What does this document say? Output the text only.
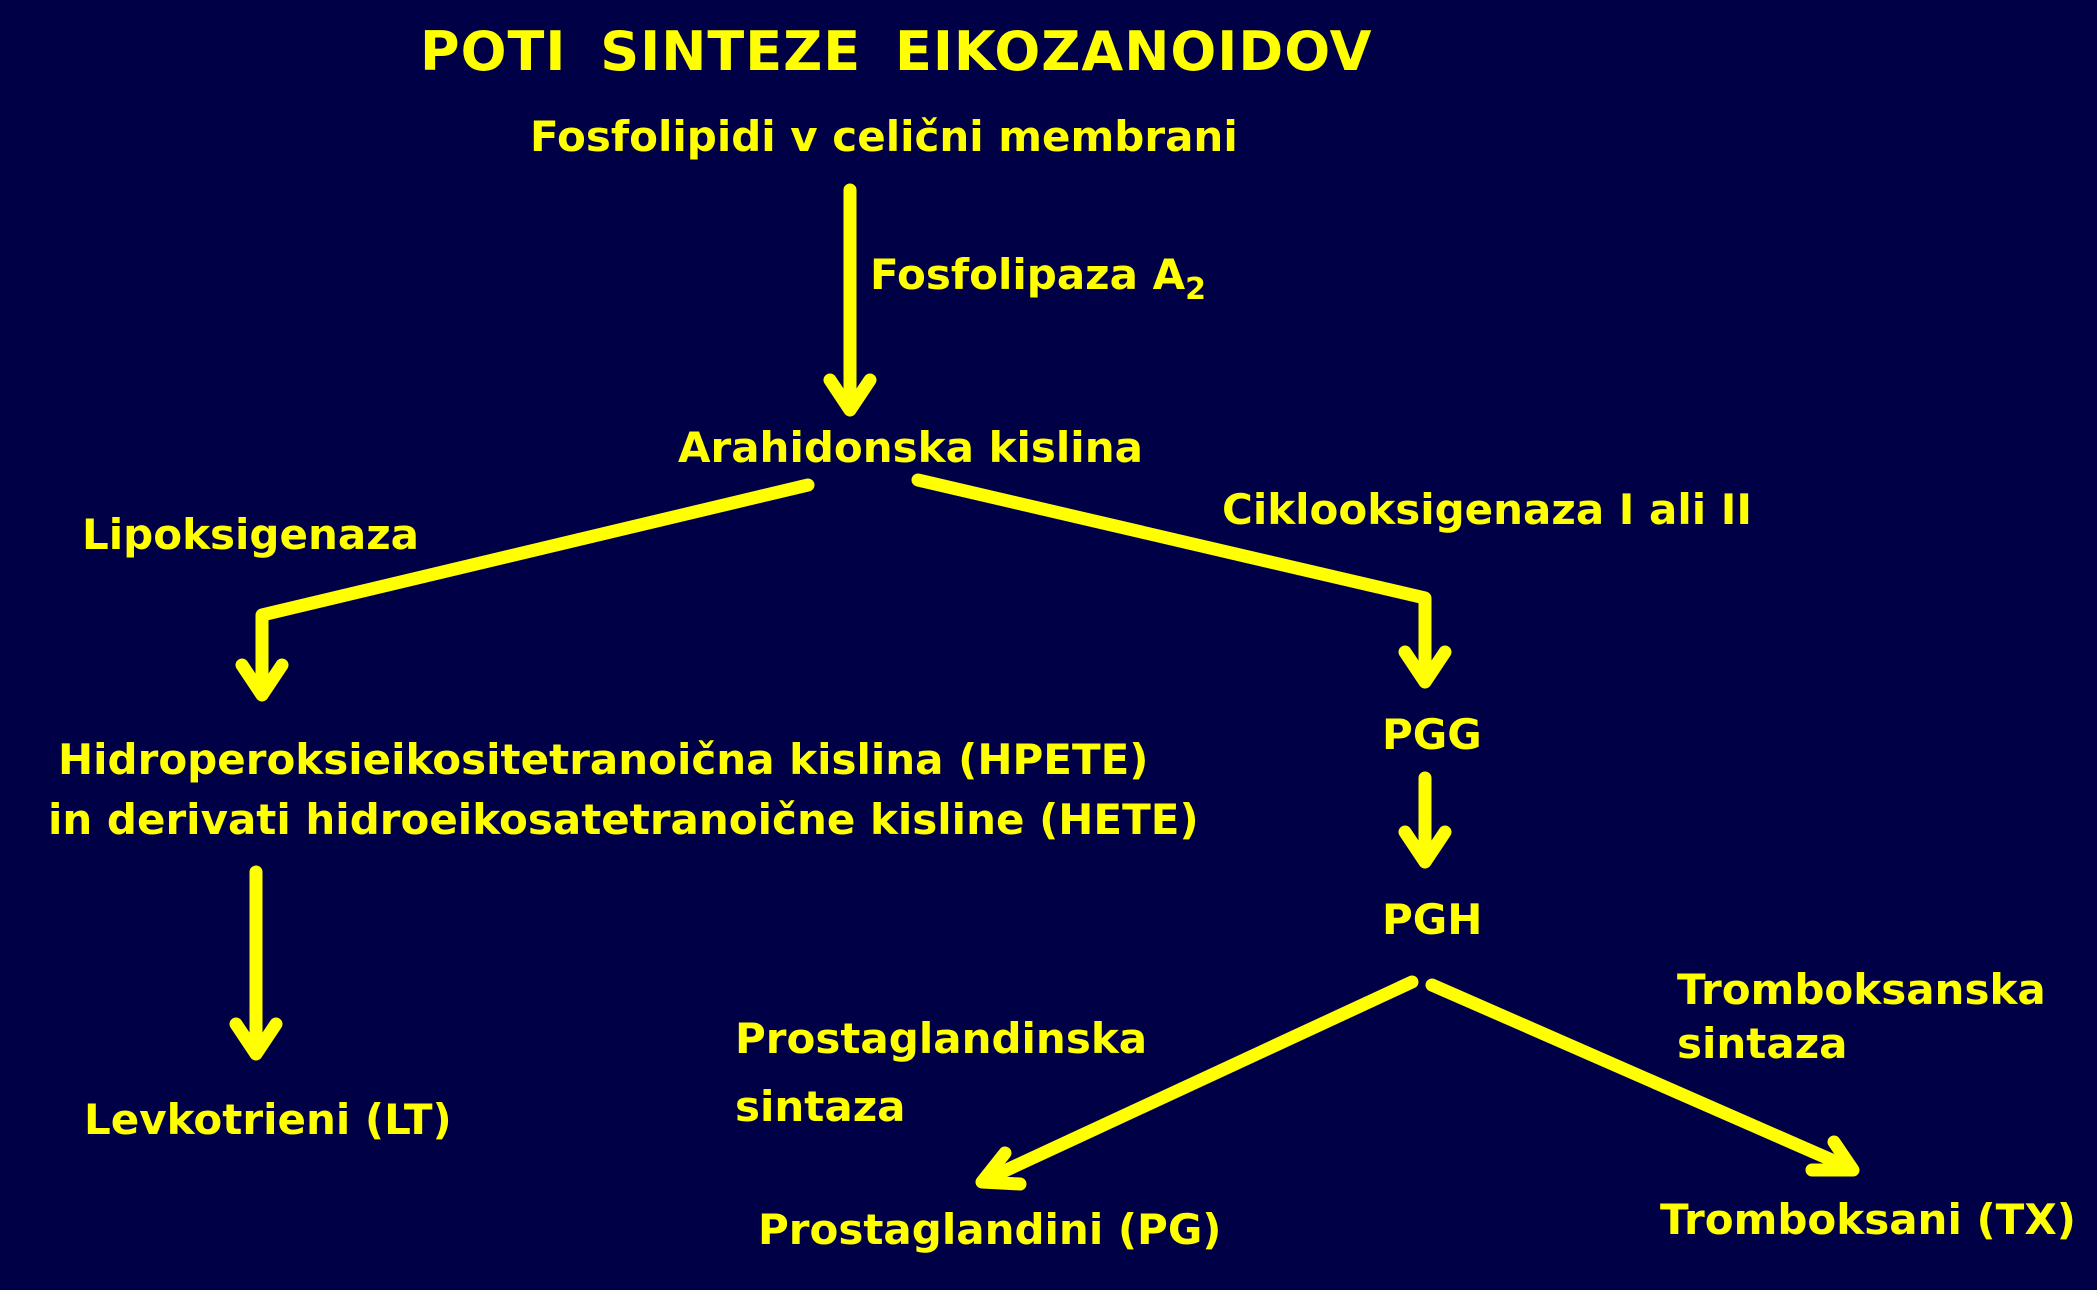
POTI SINTEZE EIKOZANOIDOV
Fosfolipidi v celični membrani
Fosfolipaza $A_2$
Arahidonska kislina
Lipoksigenaza
Ciklooksigenaza I ali II
Hidroperoksieikositetranoična kislina (HPETE)
in derivati hidroeikosatetranoične kisline (HETE)
PGG
PGH
Prostaglandinska
sintaza
Tromboksanska
sintaza
Levkotrieni (LT)
Prostaglandini (PG)	Tromboksani (TX)
